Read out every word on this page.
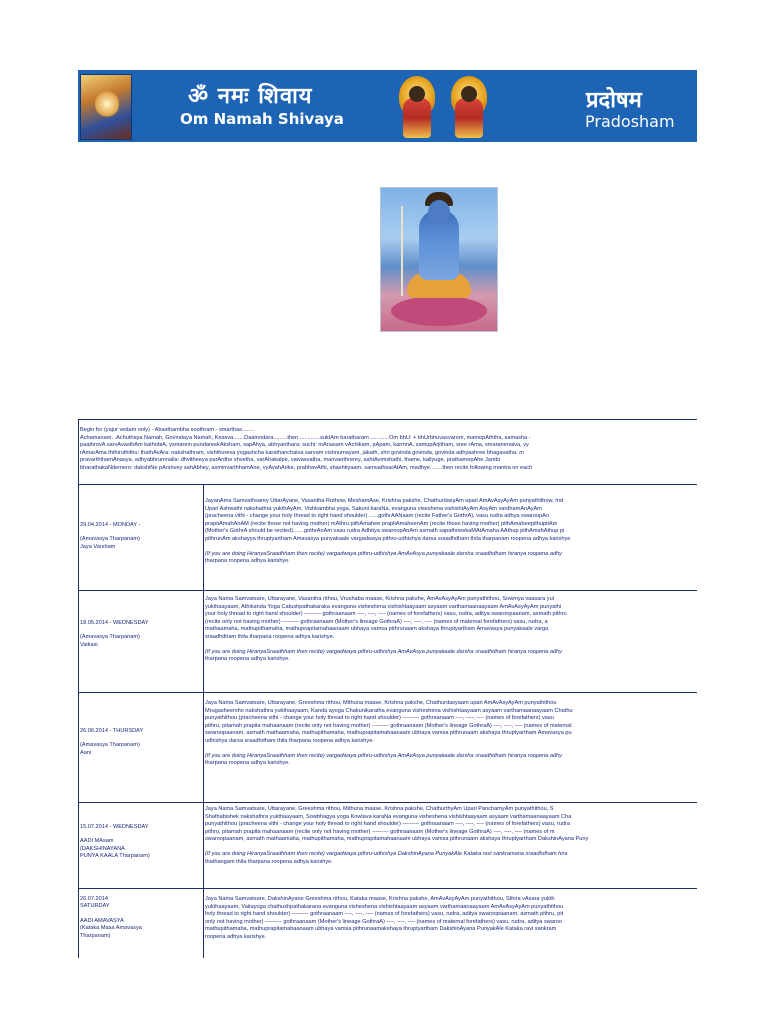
ॐ नमः शिवाय
Om Namah Shivaya
प्रदोषम
Pradosham

Begin for (yajur vedam only) - Abasthambha soothram - smarthas........

Achamanam...Achuthaya Namah, Govindaya Namah, Kesava.......Daamodara.........then..............sukIAm baratharam ............Om bhU: + bhUrbhuvasvarom, mamopAththa, samasha -

paathrovA sarvAvasthAm kathobiA, ysmarein pundareekAksham, sapAhya, abhyanthara: suchi: mAnasam vAchikam, pApam, karmnA, samupArjitham, sree rAma, smaranenaiva, vy

rAmarAma ththiruthithu: thathAvAra: nakshathram, vishthureva yogashcha karathanchaiva sarvam vishnumayam, jakath, shri govinda govinda, govinda adhyashree bhagavatha: m

pravarththamAnasya, adhyabhrumnalla: dhvitheeya parArdhe shvetha, varAhakalpe, vaivasvatha, manvanthrerey, ashtAvimshathi, thame, kaliyuge, prathamepAhe Jambi

bharathakaNdemero: dakshiNe pArshvey sahAbhey, asminvarthhamAne, vyAvahArike, prabhavAthi, shashtiyaam, samvathsarAtAm, madhye........then recite following mantra on each

29.04.2014 - MONDAY -
(Amavasya Tharpanam)
Jaya Varsham
JayanAma Samvathsarey UttarAyane, Vasantha Ruthow, MeshamAse, Krishna pakshe, ChathurdasyAm upari AmAvAsyAyAm punyathithow, Ind
Upari Ashwathi nakshathra yukthAyAm, Vishkambha yoga, Sakuni karaNa, evanguna viseshena vishishtAyAm AsyAm vardhamAnAyAm
(pracheena vithi - change your holy thread to right hand shoulder) ......gothrAANaam (recite Father's GothrA), vasu rudra adhya swaroopAn
prapitAmahAnAM (recite those not having mother) mAthru pithAmahee prapitAmaheenAm (recite those having mother) pithAmaheepithupitAm
(Mother's GothrA should be recited)...... gothrAnAm vasu rudra Adhitya swaroopAnAm asmath sapathneekaMAtAmaha AAthup pithAmahAthup pi
pithrunAm akshayya thruptyartham Amavasya punyakaale vargadwaya pithru-udhishya darsa sraadhdham thila tharpanam roopena adhya karishye
(If you are doing HiranyaSraadhham then recite) vargadwaya pithru-udhishya AmAvAsya punyakaale darsha sraadhdham hiranya roopena adhy
tharpana roopena adhya karishye.
18.05.2014 - WEDNESDAY
(Amavasya Tharpanam)
Vaikasi
Jaya Nama Samvatsare, Uttarayane, Vasantha rithou, Vrushaba maase, Krishna pakshe, AmAvAsyAyAm punyathithou, Sowmya vaasara yul
yukthaayaam, Athikanda Yoga Catushpathakaraka evanguna visheshena vishishtaayaam asyaam varthamaanaayaam AmAvAsyAyAm punyathi
your holy thread to right hand shoulder) --------- gothraanaam ----, ----, ---- (names of forefathers) vasu, rudra, aditya swaroopaanam, asmath pithru
(recite only not having mother) --------- gothraanaam (Mother's lineage GothraA) ----, ----, ---- (names of maternal forefathers) vasu, rudra, a
mathaamaha, mathupithamaha, mathuprapitamahaanaam ubhaya vamsa pithrunaam akshaya thruptyartham Amavasya punyakaale varga
sraadhdham thila tharpana roopena adhya karishye.
(If you are doing HiranyaSraadhham then recite) vargadwaya pithru-udhishya AmAvAsya punyakaale darsha sraadhdham hiranya roopena adhy
tharpana roopena adhya karishye.
26.06.2014 - THURSDAY
(Amavasya Tharpanam)
Aani
Jaya Nama Samvatsare, Uttarayane, Greeshma rithou, Mithuna maase, Krishna pakshe, Chathurdasyaam upari AmAvAsyAyAm punyathithou
Mrugasheersho nakshathra yukthaayaam, Kanda ayoga Chakunikaratha evanguna visheshena vishishtaayaam asyaam varthamaanaayaam Chathu
punyathithou (pracheena vithi - change your holy thread to right hand shoulder) --------- gothraanaam ----, ----, ---- (names of forefathers) vasu
pithru, pitamah prapita mahaanaam (recite only not having mother) --------- gothraanaam (Mother's lineage GothraA) ----, ----, ---- (names of maternal
swaroopaanam, asmath mathaamaha, mathupithamaha, mathuprapitamahaanaam ubhaya vamsa pithrunaam akshaya thruptyartham Amavasya pu
udhishya darsa sraadhdham thila tharpana roopena adhya karishye.
(If you are doing HiranyaSraadhham then recite) vargadwaya pithru-udhishya AmAvAsya punyakaale darsha sraadhdham hiranya roopena adhy
tharpana roopena adhya karishye.
15.07.2014 - WEDNESDAY
AADI MAsam
(DAKSHINAYANA
PUNYA KAALA Tharpanam)
Jaya Nama Samvatsare, Uttarayane, Greeshma rithou, Mithuna maase, Krishna pakshe, ChathurthyAm Upari PanchamyAm punyathithou, S
Shathabishek nakshathra yukthaayaam, Sowbhagya yoga Kowlava karaNa evanguna visheshena vishishtaayaam asyaam varthamaanaayaam Cha
punyathithou (pracheena vithi - change your holy thread to right hand shoulder) --------- gothraanaam ----, ----, ---- (names of forefathers) vasu, rudra
pithru, pitamah prapita mahaanaam (recite only not having mother) --------- gothraanaam (Mother's lineage GothraA) ----, ----, ---- (names of m
swaroopaanam, asmath mathaamaha, mathupithamaha, mathuprapitamahaanaam ubhaya vamsa pithrunaam akshaya thruptyartham DakshinAyana Puny
(If you are doing HiranyaSraadhham then recite) vargadwaya pithru-udhishya DakshinAyana PunyakAle Kataka ravi sankramana sraadhdham hira
thathangam thila tharpana roopena adhya karishye.
26.07.2014
SATURDAY
AADI AMAVASYA
(Kataka Masa Amavasya
Tharpanam)
Jaya Nama Samvatsare, DakshinAyane Greeshma rithou, Kataka maase, Krishna pakshe, AmAvAsyAyAm punyathithou, Sthira vAsara yukth
yukthaayaam, Vaitayoga chathushpathakarana evanguna visheshena vishishtaayaam asyaam varthamaanaayaam AmAvAsyAyAm punyathithou
holy thread to right hand shoulder) --------- gothraanaam ----, ----, ---- (names of forefathers) vasu, rudra, aditya swaroopaanam, asmath pithru, pit
only not having mother) --------- gothraanaam (Mother's lineage GothraA) ----, ----, ---- (names of maternal forefathers) vasu, rudra, aditya swaroo
mathupithamaha, mathuprapitamahaanaam ubhaya vamsa pithrunaamakshaya thruptyartham DakshinAyana PunyakAle Kataka ravi sankram
roopena adhya karishye.
